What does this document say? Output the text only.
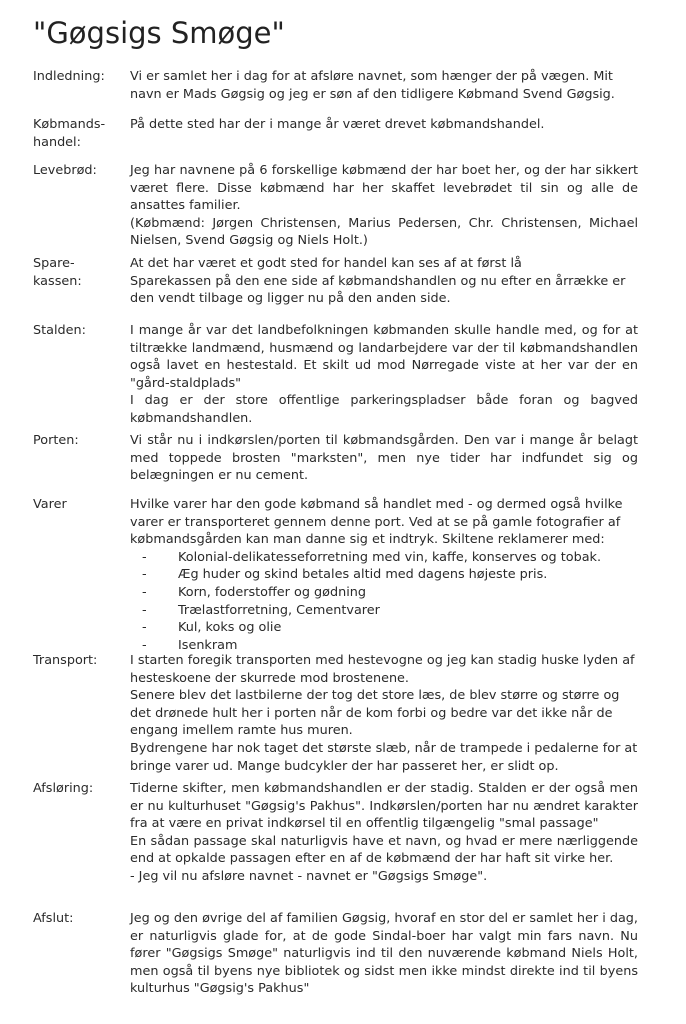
"Gøgsigs Smøge"
Indledning:	Vi er samlet her i dag for at afsløre navnet, som hænger der på vægen. Mit navn er Mads Gøgsig og jeg er søn af den tidligere Købmand Svend Gøgsig.

Købmands-
handel:

På dette sted har der i mange år været drevet købmandshandel.

Levebrød:	Jeg har navnene på 6 forskellige købmænd der har boet her, og der har sikkert været flere. Disse købmænd har her skaffet levebrødet til sin og alle de ansattes familier.

(Købmænd: Jørgen Christensen, Marius Pedersen, Chr. Christensen, Michael Nielsen, Svend Gøgsig og Niels Holt.)

Spare-
kassen:

At det har været et godt sted for handel kan ses af at først lå

Sparekassen på den ene side af købmandshandlen og nu efter en årrække er den vendt tilbage og ligger nu på den anden side.

Stalden:	I mange år var det landbefolkningen købmanden skulle handle med, og for at tiltrække landmænd, husmænd og landarbejdere var der til købmandshandlen også lavet en hestestald. Et skilt ud mod Nørregade viste at her var der en "gård-staldplads"

I dag er der store offentlige parkeringspladser både foran og bagved købmandshandlen.

Porten:	Vi står nu i indkørslen/porten til købmandsgården. Den var i mange år belagt med toppede brosten "marksten", men nye tider har indfundet sig og belægningen er nu cement.

Varer	Hvilke varer har den gode købmand så handlet med - og dermed også hvilke varer er transporteret gennem denne port. Ved at se på gamle fotografier af købmandsgården kan man danne sig et indtryk. Skiltene reklamerer med:

- Kolonial-delikatesseforretning med vin, kaffe, konserves og tobak.
- Æg huder og skind betales altid med dagens højeste pris.
- Korn, foderstoffer og gødning
- Trælastforretning, Cementvarer
- Kul, koks og olie
- Isenkram
Transport:	I starten foregik transporten med hestevogne og jeg kan stadig huske lyden af hesteskoene der skurrede mod brostenene.

Senere blev det lastbilerne der tog det store læs, de blev større og større og det drønede hult her i porten når de kom forbi og bedre var det ikke når de engang imellem ramte hus muren.

Bydrengene har nok taget det største slæb, når de trampede i pedalerne for at bringe varer ud. Mange budcykler der har passeret her, er slidt op.

Afsløring:	Tiderne skifter, men købmandshandlen er der stadig. Stalden er der også men er nu kulturhuset "Gøgsig's Pakhus". Indkørslen/porten har nu ændret karakter fra at være en privat indkørsel til en offentlig tilgængelig "smal passage"

En sådan passage skal naturligvis have et navn, og hvad er mere nærliggende end at opkalde passagen efter en af de købmænd der har haft sit virke her.

- Jeg vil nu afsløre navnet - navnet er "Gøgsigs Smøge".

Afslut:	Jeg og den øvrige del af familien Gøgsig, hvoraf en stor del er samlet her i dag, er naturligvis glade for, at de gode Sindal-boer har valgt min fars navn. Nu fører "Gøgsigs Smøge" naturligvis ind til den nuværende købmand Niels Holt, men også til byens nye bibliotek og sidst men ikke mindst direkte ind til byens kulturhus "Gøgsig's Pakhus"
